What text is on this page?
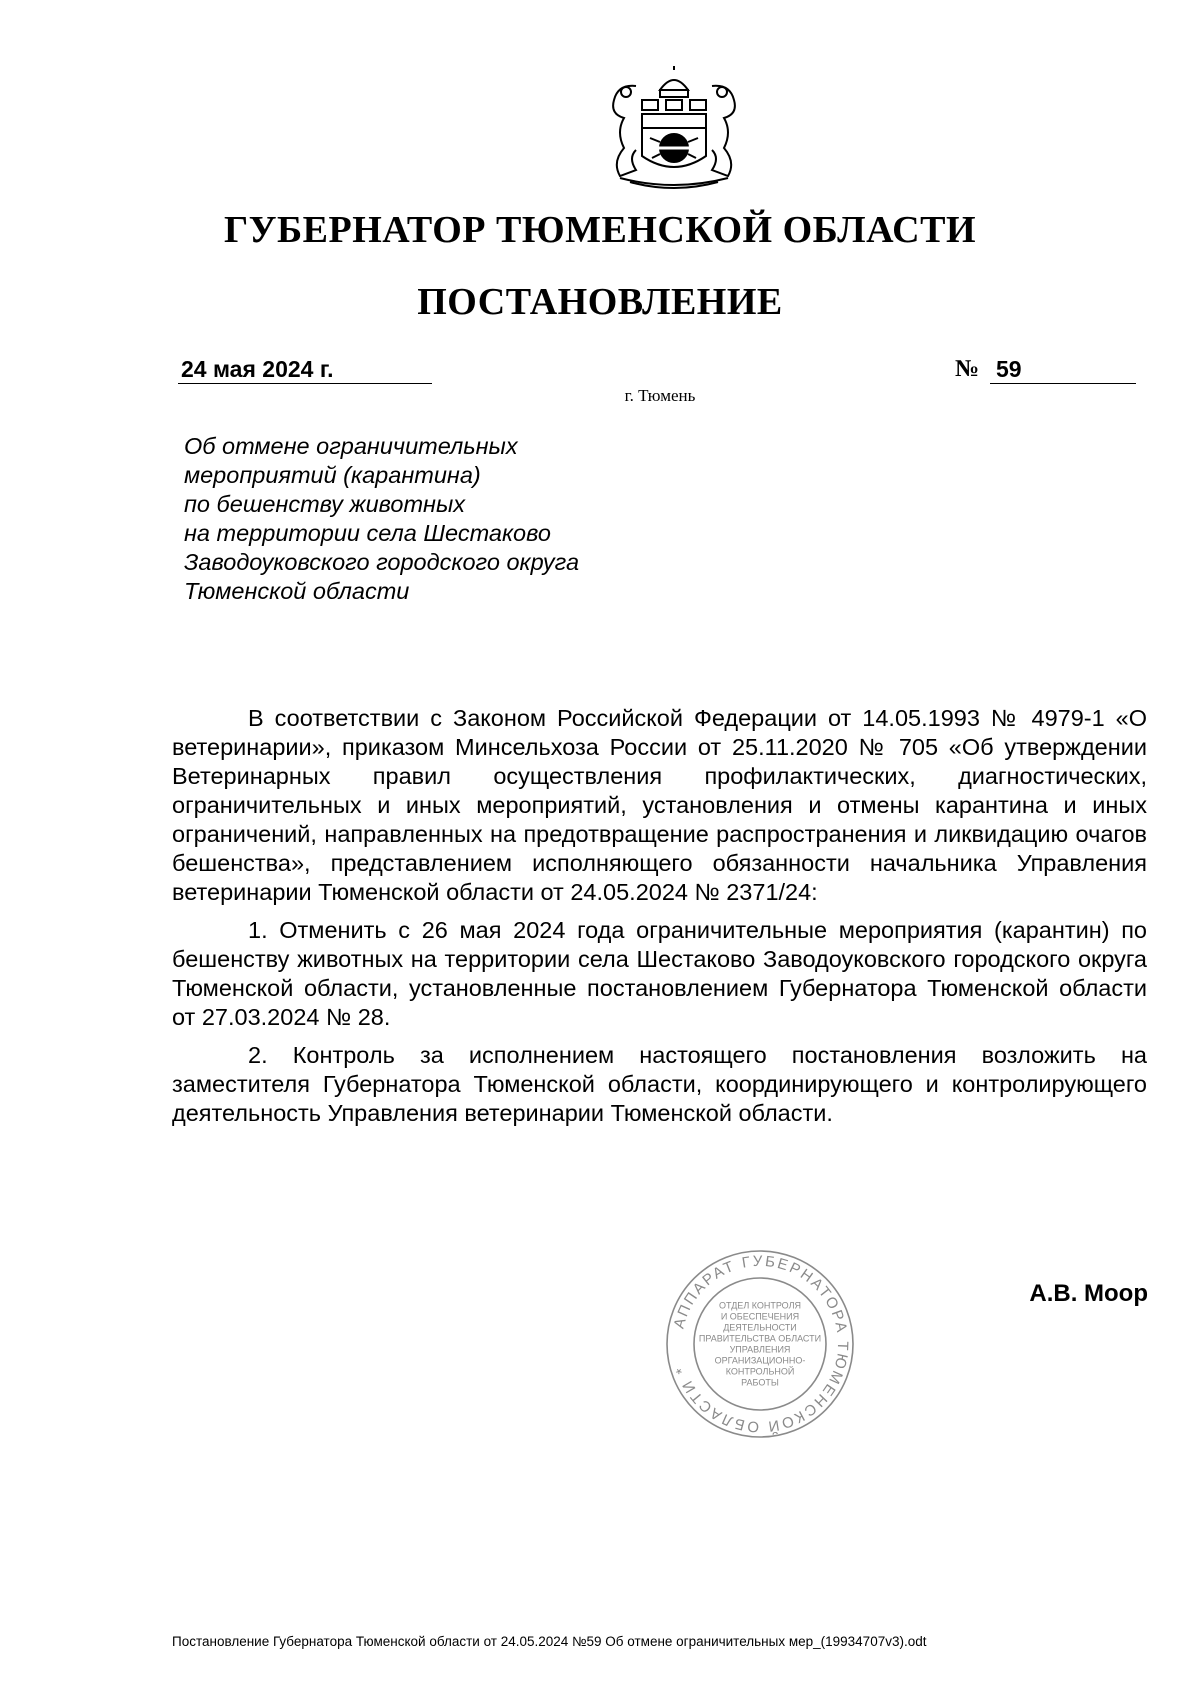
ГУБЕРНАТОР ТЮМЕНСКОЙ ОБЛАСТИ
ПОСТАНОВЛЕНИЕ
24 мая 2024 г.	№ 59
г. Тюмень
Об отмене ограничительных
мероприятий (карантина)
по бешенству животных
на территории села Шестаково
Заводоуковского городского округа
Тюменской области

В соответствии с Законом Российской Федерации от 14.05.1993 № 4979-1 «О ветеринарии», приказом Минсельхоза России от 25.11.2020 № 705 «Об утверждении Ветеринарных правил осуществления профилактических, диагностических, ограничительных и иных мероприятий, установления и отмены карантина и иных ограничений, направленных на предотвращение распространения и ликвидацию очагов бешенства», представлением исполняющего обязанности начальника Управления ветеринарии Тюменской области от 24.05.2024 № 2371/24:

1. Отменить с 26 мая 2024 года ограничительные мероприятия (карантин) по бешенству животных на территории села Шестаково Заводоуковского городского округа Тюменской области, установленные постановлением Губернатора Тюменской области от 27.03.2024 № 28.

2. Контроль за исполнением настоящего постановления возложить на заместителя Губернатора Тюменской области, координирующего и контролирующего деятельность Управления ветеринарии Тюменской области.

АППАРАТ ГУБЕРНАТОРА ТЮМЕНСКОЙ ОБЛАСТИ *
ОТДЕЛ КОНТРОЛЯ
И ОБЕСПЕЧЕНИЯ
ДЕЯТЕЛЬНОСТИ
ПРАВИТЕЛЬСТВА ОБЛАСТИ
УПРАВЛЕНИЯ
ОРГАНИЗАЦИОННО-
КОНТРОЛЬНОЙ
РАБОТЫ
А.В. Моор
Постановление Губернатора Тюменской области от 24.05.2024 №59 Об отмене ограничительных мер_(19934707v3).odt
